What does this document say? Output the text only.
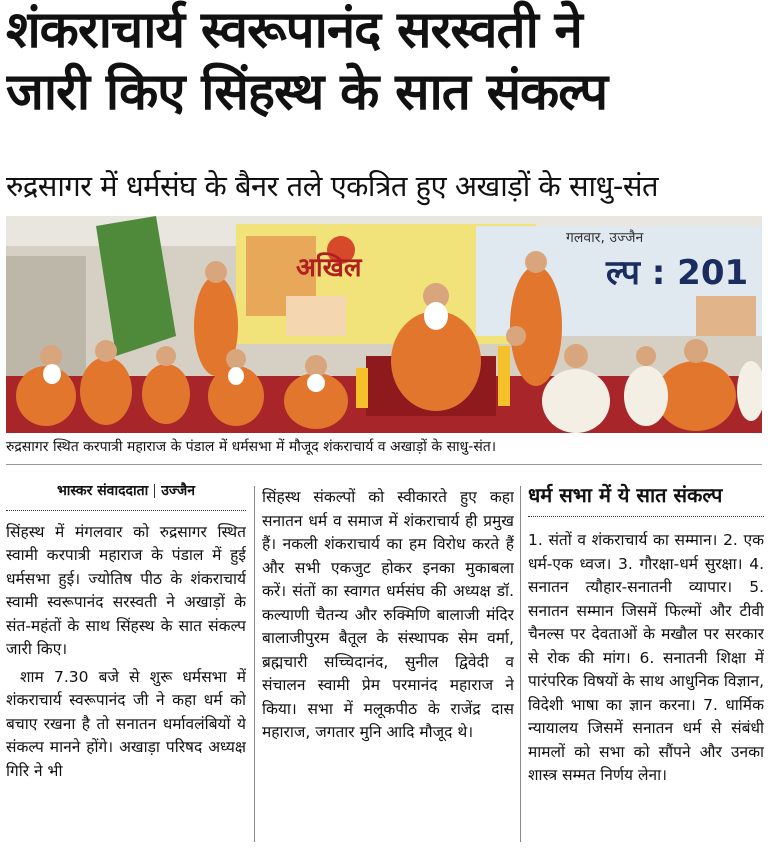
शंकराचार्य स्वरूपानंद सरस्वती ने
जारी किए सिंहस्थ के सात संकल्प
रुद्रसागर में धर्मसंघ के बैनर तले एकत्रित हुए अखाड़ों के साधु-संत
अखिल
गलवार, उज्जैन
ल्प : 201
रुद्रसागर स्थित करपात्री महाराज के पंडाल में धर्मसभा में मौजूद शंकराचार्य व अखाड़ों के साधु-संत।
भास्कर संवाददाता उज्जैन

सिंहस्थ में मंगलवार को रुद्रसागर स्थित स्वामी करपात्री महाराज के पंडाल में हुई धर्मसभा हुई। ज्योतिष पीठ के शंकराचार्य स्वामी स्वरूपानंद सरस्वती ने अखाड़ों के संत-महंतों के साथ सिंहस्थ के सात संकल्प जारी किए।

शाम 7.30 बजे से शुरू धर्मसभा में शंकराचार्य स्वरूपानंद जी ने कहा धर्म को बचाए रखना है तो सनातन धर्मावलंबियों ये संकल्प मानने होंगे। अखाड़ा परिषद अध्यक्ष गिरि ने भी

सिंहस्थ संकल्पों को स्वीकारते हुए कहा सनातन धर्म व समाज में शंकराचार्य ही प्रमुख हैं। नकली शंकराचार्य का हम विरोध करते हैं और सभी एकजुट होकर इनका मुकाबला करें। संतों का स्वागत धर्मसंघ की अध्यक्ष डॉ. कल्याणी चैतन्य और रुक्मिणि बालाजी मंदिर बालाजीपुरम बैतूल के संस्थापक सेम वर्मा, ब्रह्मचारी सच्चिदानंद, सुनील द्विवेदी व संचालन स्वामी प्रेम परमानंद महाराज ने किया। सभा में मलूकपीठ के राजेंद्र दास महाराज, जगतार मुनि आदि मौजूद थे।

धर्म सभा में ये सात संकल्प
1. संतों व शंकराचार्य का सम्मान। 2. एक धर्म-एक ध्वज। 3. गौरक्षा-धर्म सुरक्षा। 4. सनातन त्यौहार-सनातनी व्यापार। 5. सनातन सम्मान जिसमें फिल्मों और टीवी चैनल्स पर देवताओं के मखौल पर सरकार से रोक की मांग। 6. सनातनी शिक्षा में पारंपरिक विषयों के साथ आधुनिक विज्ञान, विदेशी भाषा का ज्ञान करना। 7. धार्मिक न्यायालय जिसमें सनातन धर्म से संबंधी मामलों को सभा को सौंपने और उनका शास्त्र सम्मत निर्णय लेना।
